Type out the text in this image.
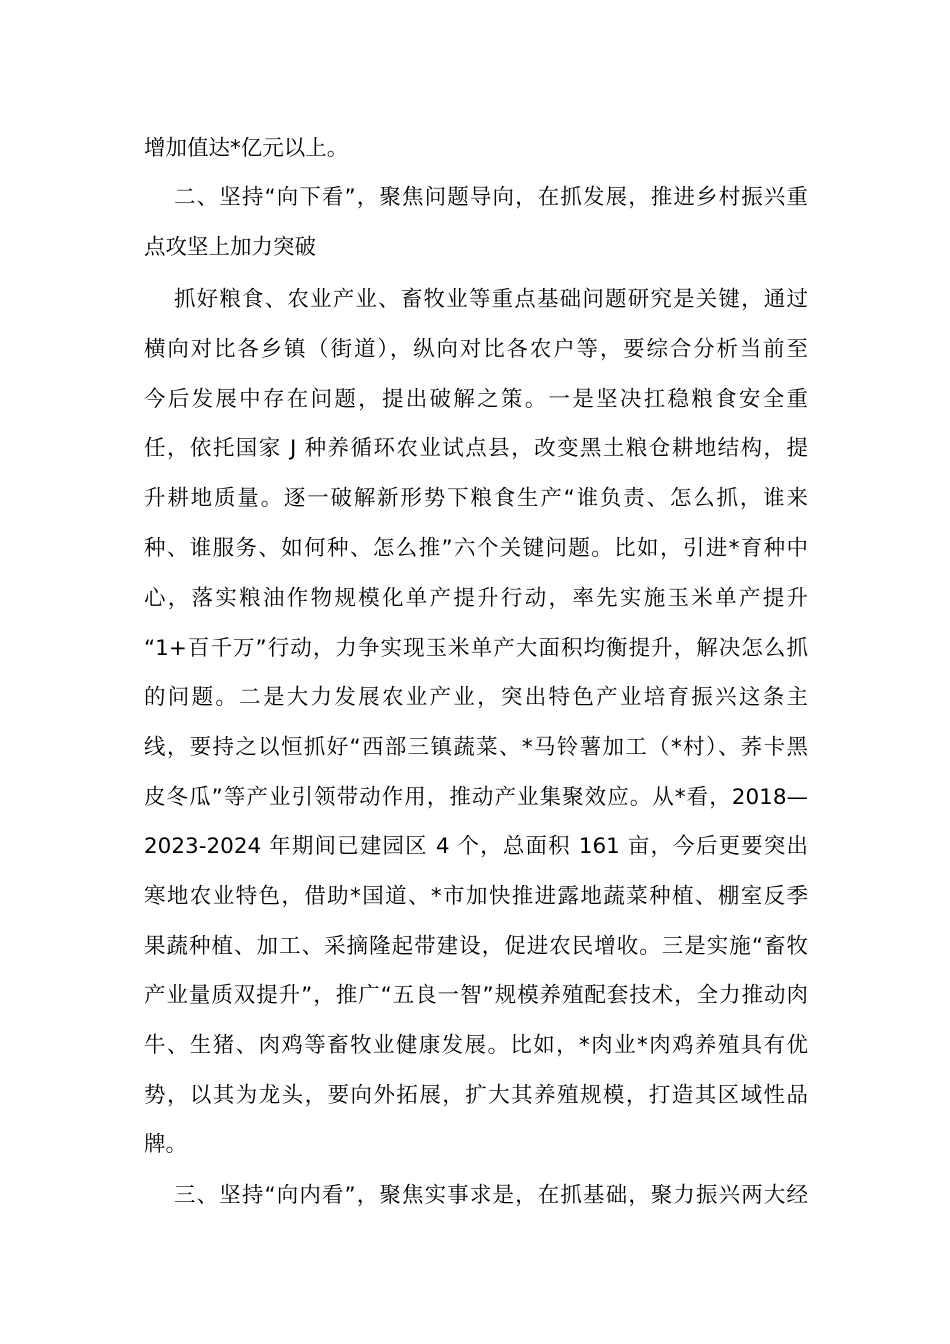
增加值达*亿元以上。
二、坚持“向下看”，聚焦问题导向，在抓发展，推进乡村振兴重
点攻坚上加力突破
抓好粮食、农业产业、畜牧业等重点基础问题研究是关键，通过
横向对比各乡镇（街道），纵向对比各农户等，要综合分析当前至
今后发展中存在问题，提出破解之策。一是坚决扛稳粮食安全重
任，依托国家 J 种养循环农业试点县，改变黑土粮仓耕地结构，提
升耕地质量。逐一破解新形势下粮食生产“谁负责、怎么抓，谁来
种、谁服务、如何种、怎么推”六个关键问题。比如，引进*育种中
心，落实粮油作物规模化单产提升行动，率先实施玉米单产提升
“1+百千万”行动，力争实现玉米单产大面积均衡提升，解决怎么抓
的问题。二是大力发展农业产业，突出特色产业培育振兴这条主
线，要持之以恒抓好“西部三镇蔬菜、*马铃薯加工（*村）、荞卡黑
皮冬瓜”等产业引领带动作用，推动产业集聚效应。从*看，2018—
2023-2024 年期间已建园区 4 个，总面积 161 亩，今后更要突出
寒地农业特色，借助*国道、*市加快推进露地蔬菜种植、棚室反季
果蔬种植、加工、采摘隆起带建设，促进农民增收。三是实施“畜牧
产业量质双提升”，推广“五良一智”规模养殖配套技术，全力推动肉
牛、生猪、肉鸡等畜牧业健康发展。比如，*肉业*肉鸡养殖具有优
势，以其为龙头，要向外拓展，扩大其养殖规模，打造其区域性品
牌。
三、坚持“向内看”，聚焦实事求是，在抓基础，聚力振兴两大经
